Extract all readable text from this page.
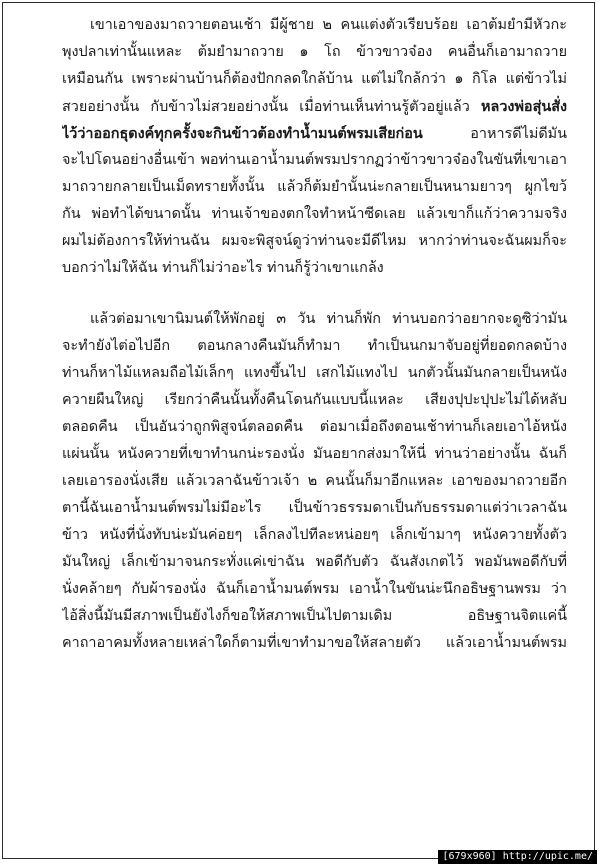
เขาเอาของมาถวายตอนเช้า มีผู้ชาย ๒ คนแต่งตัวเรียบร้อย เอาต้มยำมีหัวกะ
พุงปลาเท่านั้นแหละ ต้มยำมาถวาย ๑ โถ ข้าวขาวจ๋อง คนอื่นก็เอามาถวาย
เหมือนกัน เพราะผ่านบ้านก็ต้องปักกลดใกล้บ้าน แต่ไม่ใกล้กว่า ๑ กิโล แต่ข้าวไม่
สวยอย่างนั้น กับข้าวไม่สวยอย่างนั้น เมื่อท่านเห็นท่านรู้ตัวอยู่แล้ว หลวงพ่อสุ่นสั่ง
ไว้ว่าออกธุดงค์ทุกครั้งจะกินข้าวต้องทำน้ำมนต์พรมเสียก่อน อาหารดีไม่ดีมัน
จะไปโดนอย่างอื่นเข้า พอท่านเอาน้ำมนต์พรมปรากฏว่าข้าวขาวจ๋องในขันที่เขาเอา
มาถวายกลายเป็นเม็ดทรายทั้งนั้น แล้วก็ต้มยำนั้นน่ะกลายเป็นหนามยาวๆ ผูกไขว้
กัน พ่อทำได้ขนาดนั้น ท่านเจ้าของตกใจทำหน้าซีดเลย แล้วเขาก็แก้ว่าความจริง
ผมไม่ต้องการให้ท่านฉัน ผมจะพิสูจน์ดูว่าท่านจะมีดีไหม หากว่าท่านจะฉันผมก็จะ
บอกว่าไม่ให้ฉัน ท่านก็ไม่ว่าอะไร ท่านก็รู้ว่าเขาแกล้ง
แล้วต่อมาเขานิมนต์ให้พักอยู่ ๓ วัน ท่านก็พัก ท่านบอกว่าอยากจะดูซิว่ามัน
จะทำยังไต่อไปอีก ตอนกลางคืนมันก็ทำมา ทำเป็นนกมาจับอยู่ที่ยอดกลดบ้าง
ท่านก็หาไม้แหลมถือไม้เล็กๆ แทงขึ้นไป เสกไม้แทงไป นกตัวนั้นมันกลายเป็นหนัง
ควายผืนใหญ่ เรียกว่าคืนนั้นทั้งคืนโดนกันแบบนี้แหละ เสียงปุปะปุปะไม่ได้หลับ
ตลอดคืน เป็นอันว่าถูกพิสูจน์ตลอดคืน ต่อมาเมื่อถึงตอนเช้าท่านก็เลยเอาไอ้หนัง
แผ่นนั้น หนังควายที่เขาทำนกน่ะรองนั่ง มันอยากส่งมาให้นี่ ท่านว่าอย่างนั้น ฉันก็
เลยเอารองนั่งเสีย แล้วเวลาฉันข้าวเจ้า ๒ คนนั้นก็มาอีกแหละ เอาของมาถวายอีก
ตานี้ฉันเอาน้ำมนต์พรมไม่มีอะไร เป็นข้าวธรรมดาเป็นกับธรรมดาแต่ว่าเวลาฉัน
ข้าว หนังที่นั่งทับน่ะมันค่อยๆ เล็กลงไปทีละหน่อยๆ เล็กเข้ามาๆ หนังควายทั้งตัว
มันใหญ่ เล็กเข้ามาจนกระทั่งแค่เข่าฉัน พอดีกับตัว ฉันสังเกตไว้ พอมันพอดีกับที่
นั่งคล้ายๆ กับผ้ารองนั่ง ฉันก็เอาน้ำมนต์พรม เอาน้ำในขันน่ะนึกอธิษฐานพรม ว่า
ไอ้สิ่งนี้มันมีสภาพเป็นยังไงก็ขอให้สภาพเป็นไปตามเดิม อธิษฐานจิตแค่นี้
คาถาอาคมทั้งหลายเหล่าใดก็ตามที่เขาทำมาขอให้สลายตัว แล้วเอาน้ำมนต์พรม
[679x960] http://upic.me/
